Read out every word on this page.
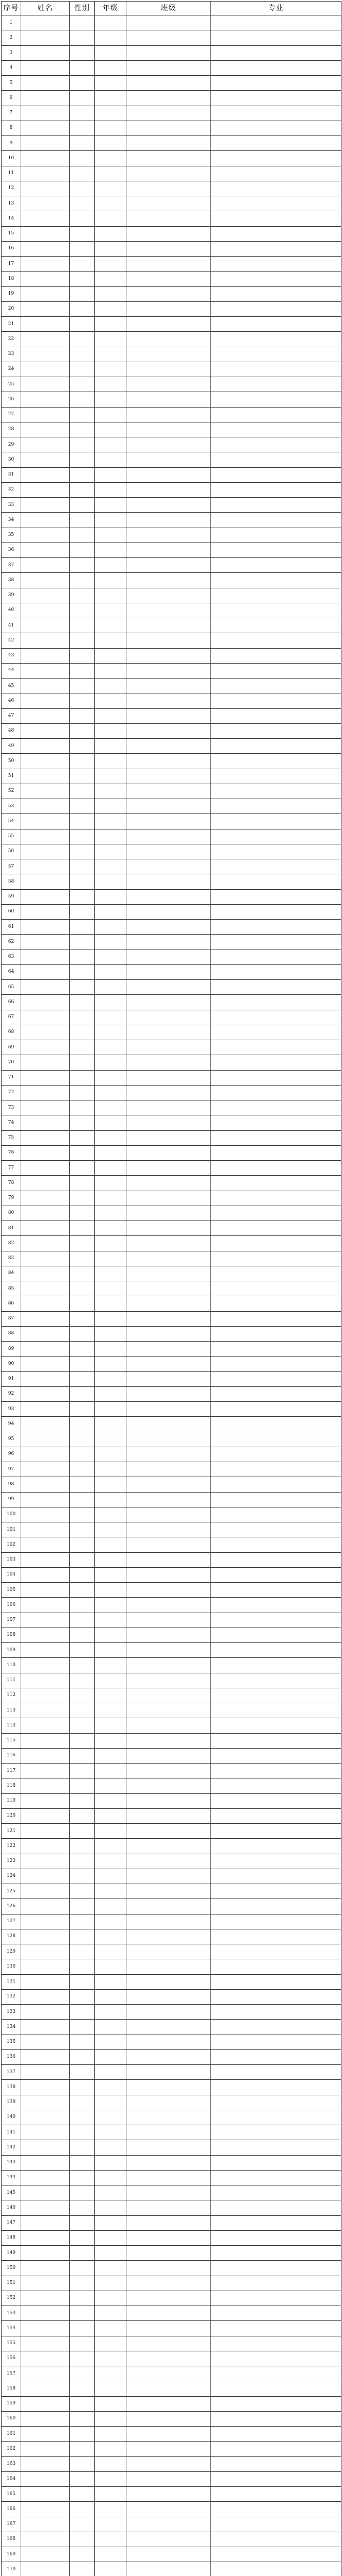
序号	姓名	性别	年级	班级	专业
1					
2					
3					
4					
5					
6					
7					
8					
9					
10					
11					
12					
13					
14					
15					
16					
17					
18					
19					
20					
21					
22					
23					
24					
25					
26					
27					
28					
29					
30					
31					
32					
33					
34					
35					
36					
37					
38					
39					
40					
41					
42					
43					
44					
45					
46					
47					
48					
49					
50					
51					
52					
53					
54					
55					
56					
57					
58					
59					
60					
61					
62					
63					
64					
65					
66					
67					
68					
69					
70					
71					
72					
73					
74					
75					
76					
77					
78					
79					
80					
81					
82					
83					
84					
85					
86					
87					
88					
89					
90					
91					
92					
93					
94					
95					
96					
97					
98					
99					
100					
101					
102					
103					
104					
105					
106					
107					
108					
109					
110					
111					
112					
113					
114					
115					
116					
117					
118					
119					
120					
121					
122					
123					
124					
125					
126					
127					
128					
129					
130					
131					
132					
133					
134					
135					
136					
137					
138					
139					
140					
141					
142					
143					
144					
145					
146					
147					
148					
149					
150					
151					
152					
153					
154					
155					
156					
157					
158					
159					
160					
161					
162					
163					
164					
165					
166					
167					
168					
169					
170					
